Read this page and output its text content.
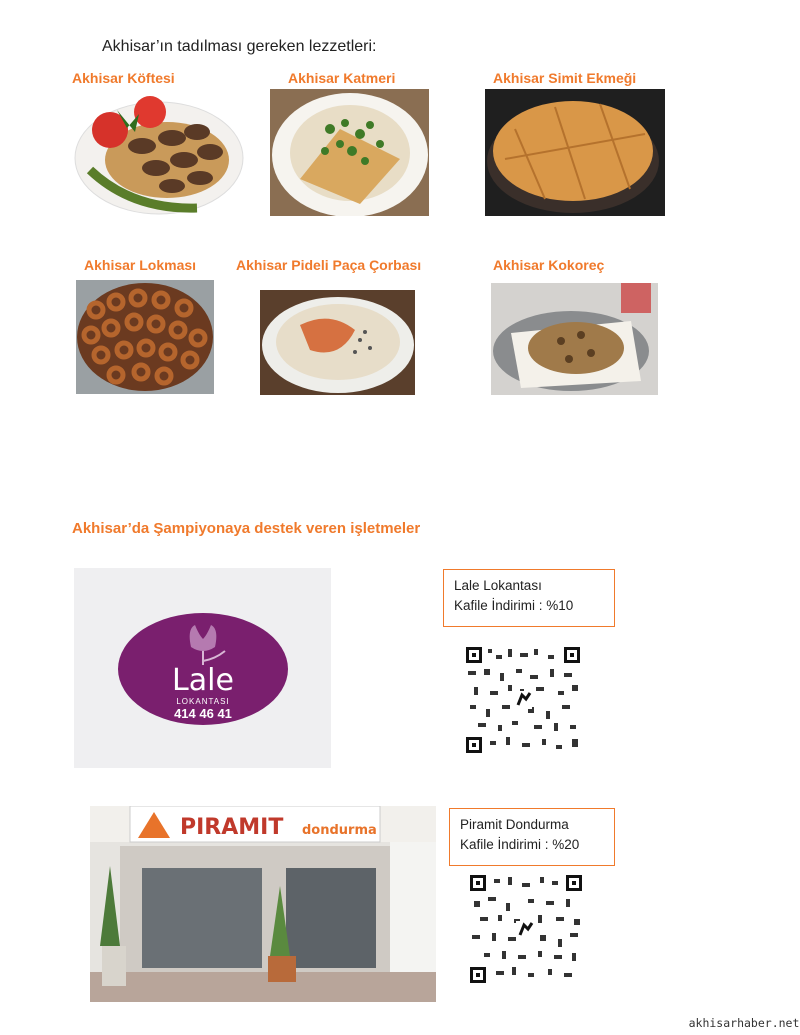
Akhisar’ın tadılması gereken lezzetleri:
Akhisar Köftesi	Akhisar Katmeri	Akhisar Simit Ekmeği
Akhisar Lokması	Akhisar Pideli Paça Çorbası	Akhisar Kokoreç
Akhisar’da Şampiyonaya destek veren işletmeler
Lale
LOKANTASI
414 46 41
Lale Lokantası
Kafile İndirimi : %10
PIRAMIT dondurma	Piramit Dondurma
Kafile İndirimi : %20
akhisarhaber.net
